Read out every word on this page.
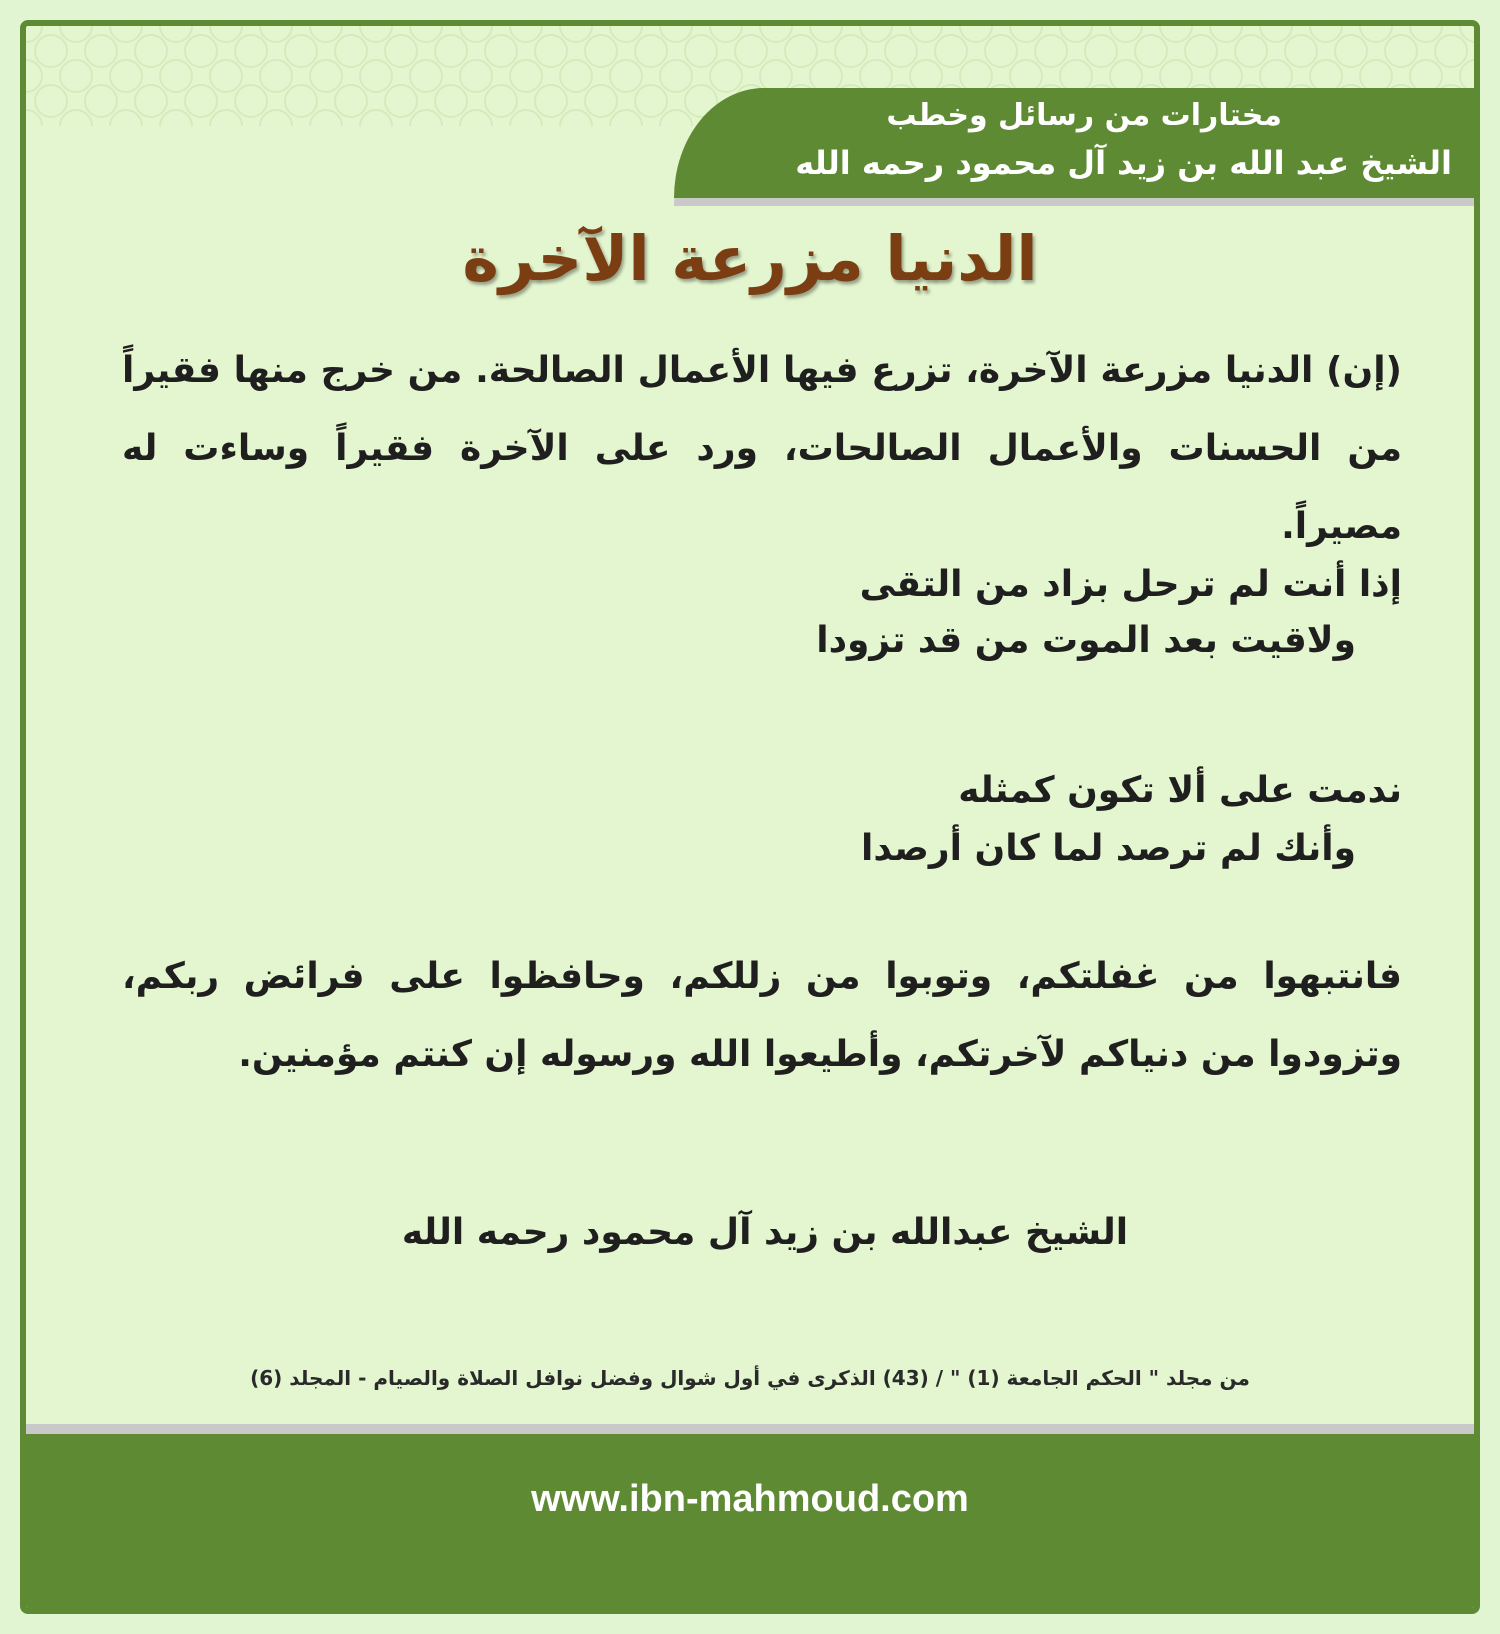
مختارات من رسائل وخطب
الشيخ عبد الله بن زيد آل محمود رحمه الله
الدنيا مزرعة الآخرة
(إن) الدنيا مزرعة الآخرة، تزرع فيها الأعمال الصالحة. من خرج منها فقيراً من الحسنات والأعمال الصالحات، ورد على الآخرة فقيراً وساءت له مصيراً.
إذا أنت لم ترحل بزاد من التقى
ولاقيت بعد الموت من قد تزودا
ندمت على ألا تكون كمثله
وأنك لم ترصد لما كان أرصدا
فانتبهوا من غفلتكم، وتوبوا من زللكم، وحافظوا على فرائض ربكم، وتزودوا من دنياكم لآخرتكم، وأطيعوا الله ورسوله إن كنتم مؤمنين.
الشيخ عبدالله بن زيد آل محمود رحمه الله
من مجلد " الحكم الجامعة (1) " / (43) الذكرى في أول شوال وفضل نوافل الصلاة والصيام - المجلد (6)
www.ibn-mahmoud.com
